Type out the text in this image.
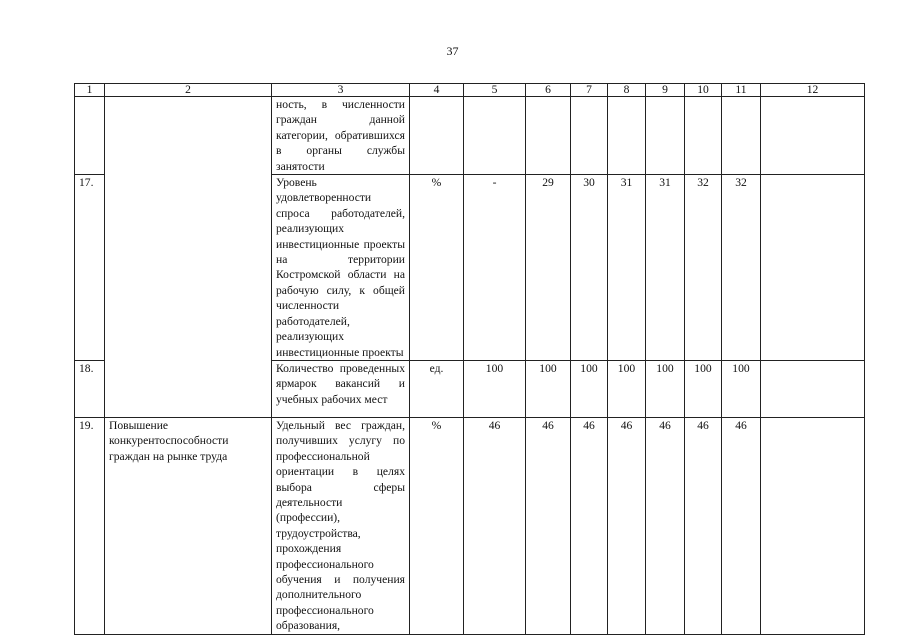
37
1	2	3	4	5	6	7	8	9	10	11	12
		ность, в численности граждан данной категории, обратившихся в органы службы занятости									
17.		Уровень удовлетворенности спроса работодателей, реализующих инвестиционные проекты на территории Костромской области на рабочую силу, к общей численности работодателей, реализующих инвестиционные проекты	%	-	29	30	31	31	32	32	
18.		Количество проведенных ярмарок вакансий и учебных рабочих мест	ед.	100	100	100	100	100	100	100	
19.	Повышение конкурентоспособности граждан на рынке труда	Удельный вес граждан, получивших услугу по профессиональной ориентации в целях выбора сферы деятельности (профессии), трудоустройства, прохождения профессионального обучения и получения дополнительного профессионального образования,	%	46	46	46	46	46	46	46	
